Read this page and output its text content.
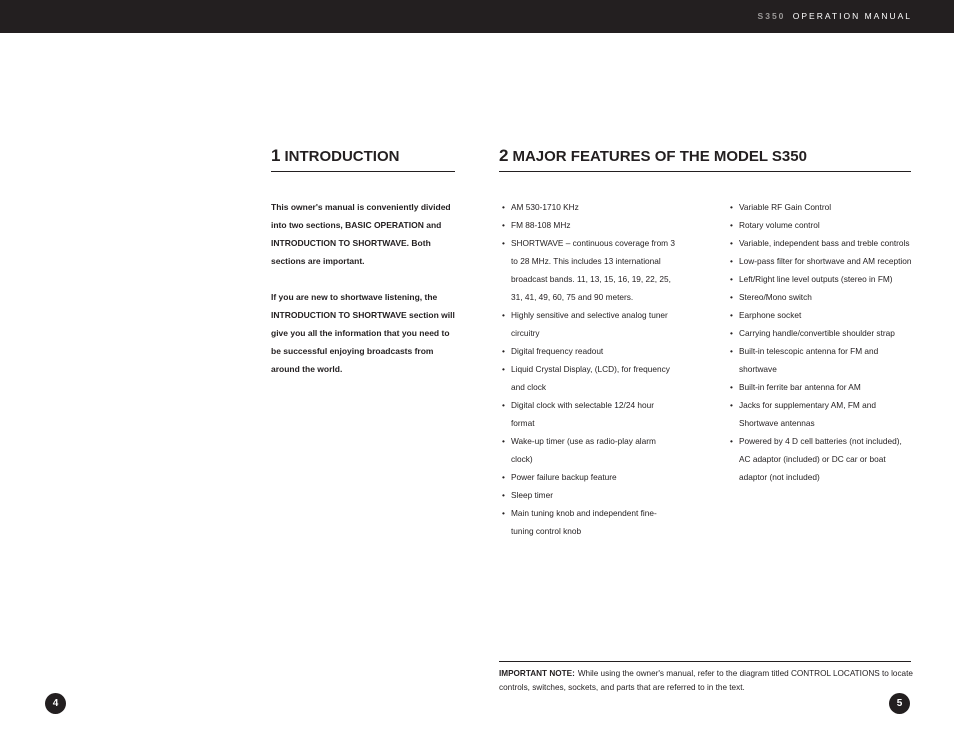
S350 OPERATION MANUAL
1 INTRODUCTION

This owner's manual is conveniently divided into two sections, BASIC OPERATION and INTRODUCTION TO SHORTWAVE. Both sections are important.

If you are new to shortwave listening, the INTRODUCTION TO SHORTWAVE section will give you all the information that you need to be successful enjoying broadcasts from around the world.

2 MAJOR FEATURES OF THE MODEL S350
• AM 530-1710 KHz
• FM 88-108 MHz
• SHORTWAVE – continuous coverage from 3 to 28 MHz. This includes 13 international broadcast bands. 11, 13, 15, 16, 19, 22, 25, 31, 41, 49, 60, 75 and 90 meters.
• Highly sensitive and selective analog tuner circuitry
• Digital frequency readout
• Liquid Crystal Display, (LCD), for frequency and clock
• Digital clock with selectable 12/24 hour format
• Wake-up timer (use as radio-play alarm clock)
• Power failure backup feature
• Sleep timer
• Main tuning knob and independent fine-tuning control knob
• Variable RF Gain Control
• Rotary volume control
• Variable, independent bass and treble controls
• Low-pass filter for shortwave and AM reception
• Left/Right line level outputs (stereo in FM)
• Stereo/Mono switch
• Earphone socket
• Carrying handle/convertible shoulder strap
• Built-in telescopic antenna for FM and shortwave
• Built-in ferrite bar antenna for AM
• Jacks for supplementary AM, FM and Shortwave antennas
• Powered by 4 D cell batteries (not included), AC adaptor (included) or DC car or boat adaptor (not included)
IMPORTANT NOTE: While using the owner's manual, refer to the diagram titled CONTROL LOCATIONS to locate controls, switches, sockets, and parts that are referred to in the text.
4	5
